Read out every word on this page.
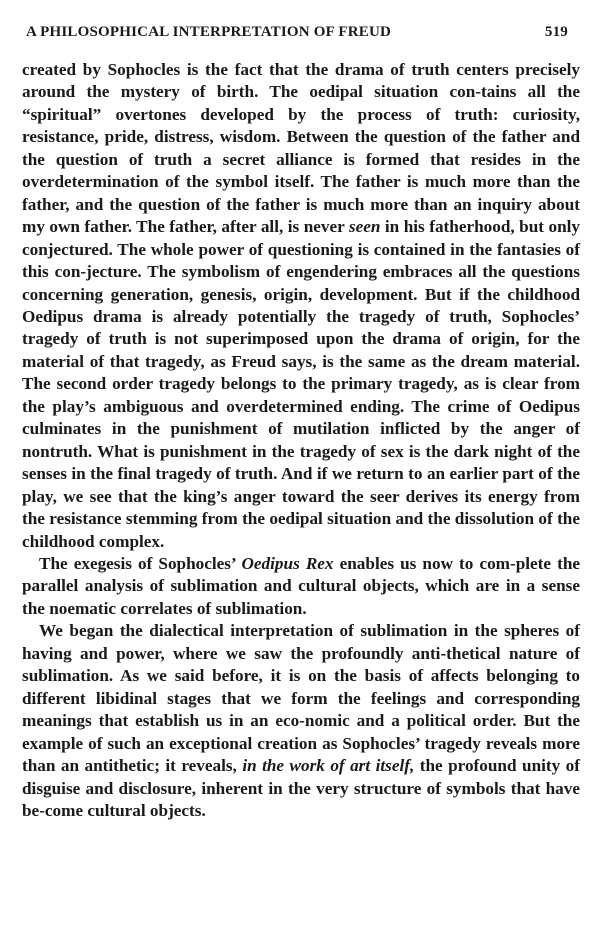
A PHILOSOPHICAL INTERPRETATION OF FREUD	519

created by Sophocles is the fact that the drama of truth centers precisely around the mystery of birth. The oedipal situation con-tains all the “spiritual” overtones developed by the process of truth: curiosity, resistance, pride, distress, wisdom. Between the question of the father and the question of truth a secret alliance is formed that resides in the overdetermination of the symbol itself. The father is much more than the father, and the question of the father is much more than an inquiry about my own father. The father, after all, is never seen in his fatherhood, but only conjectured. The whole power of questioning is contained in the fantasies of this con-jecture. The symbolism of engendering embraces all the questions concerning generation, genesis, origin, development. But if the childhood Oedipus drama is already potentially the tragedy of truth, Sophocles’ tragedy of truth is not superimposed upon the drama of origin, for the material of that tragedy, as Freud says, is the same as the dream material. The second order tragedy belongs to the primary tragedy, as is clear from the play’s ambiguous and overdetermined ending. The crime of Oedipus culminates in the punishment of mutilation inflicted by the anger of nontruth. What is punishment in the tragedy of sex is the dark night of the senses in the final tragedy of truth. And if we return to an earlier part of the play, we see that the king’s anger toward the seer derives its energy from the resistance stemming from the oedipal situation and the dissolution of the childhood complex.

The exegesis of Sophocles’ Oedipus Rex enables us now to com-plete the parallel analysis of sublimation and cultural objects, which are in a sense the noematic correlates of sublimation.

We began the dialectical interpretation of sublimation in the spheres of having and power, where we saw the profoundly anti-thetical nature of sublimation. As we said before, it is on the basis of affects belonging to different libidinal stages that we form the feelings and corresponding meanings that establish us in an eco-nomic and a political order. But the example of such an exceptional creation as Sophocles’ tragedy reveals more than an antithetic; it reveals, in the work of art itself, the profound unity of disguise and disclosure, inherent in the very structure of symbols that have be-come cultural objects.
